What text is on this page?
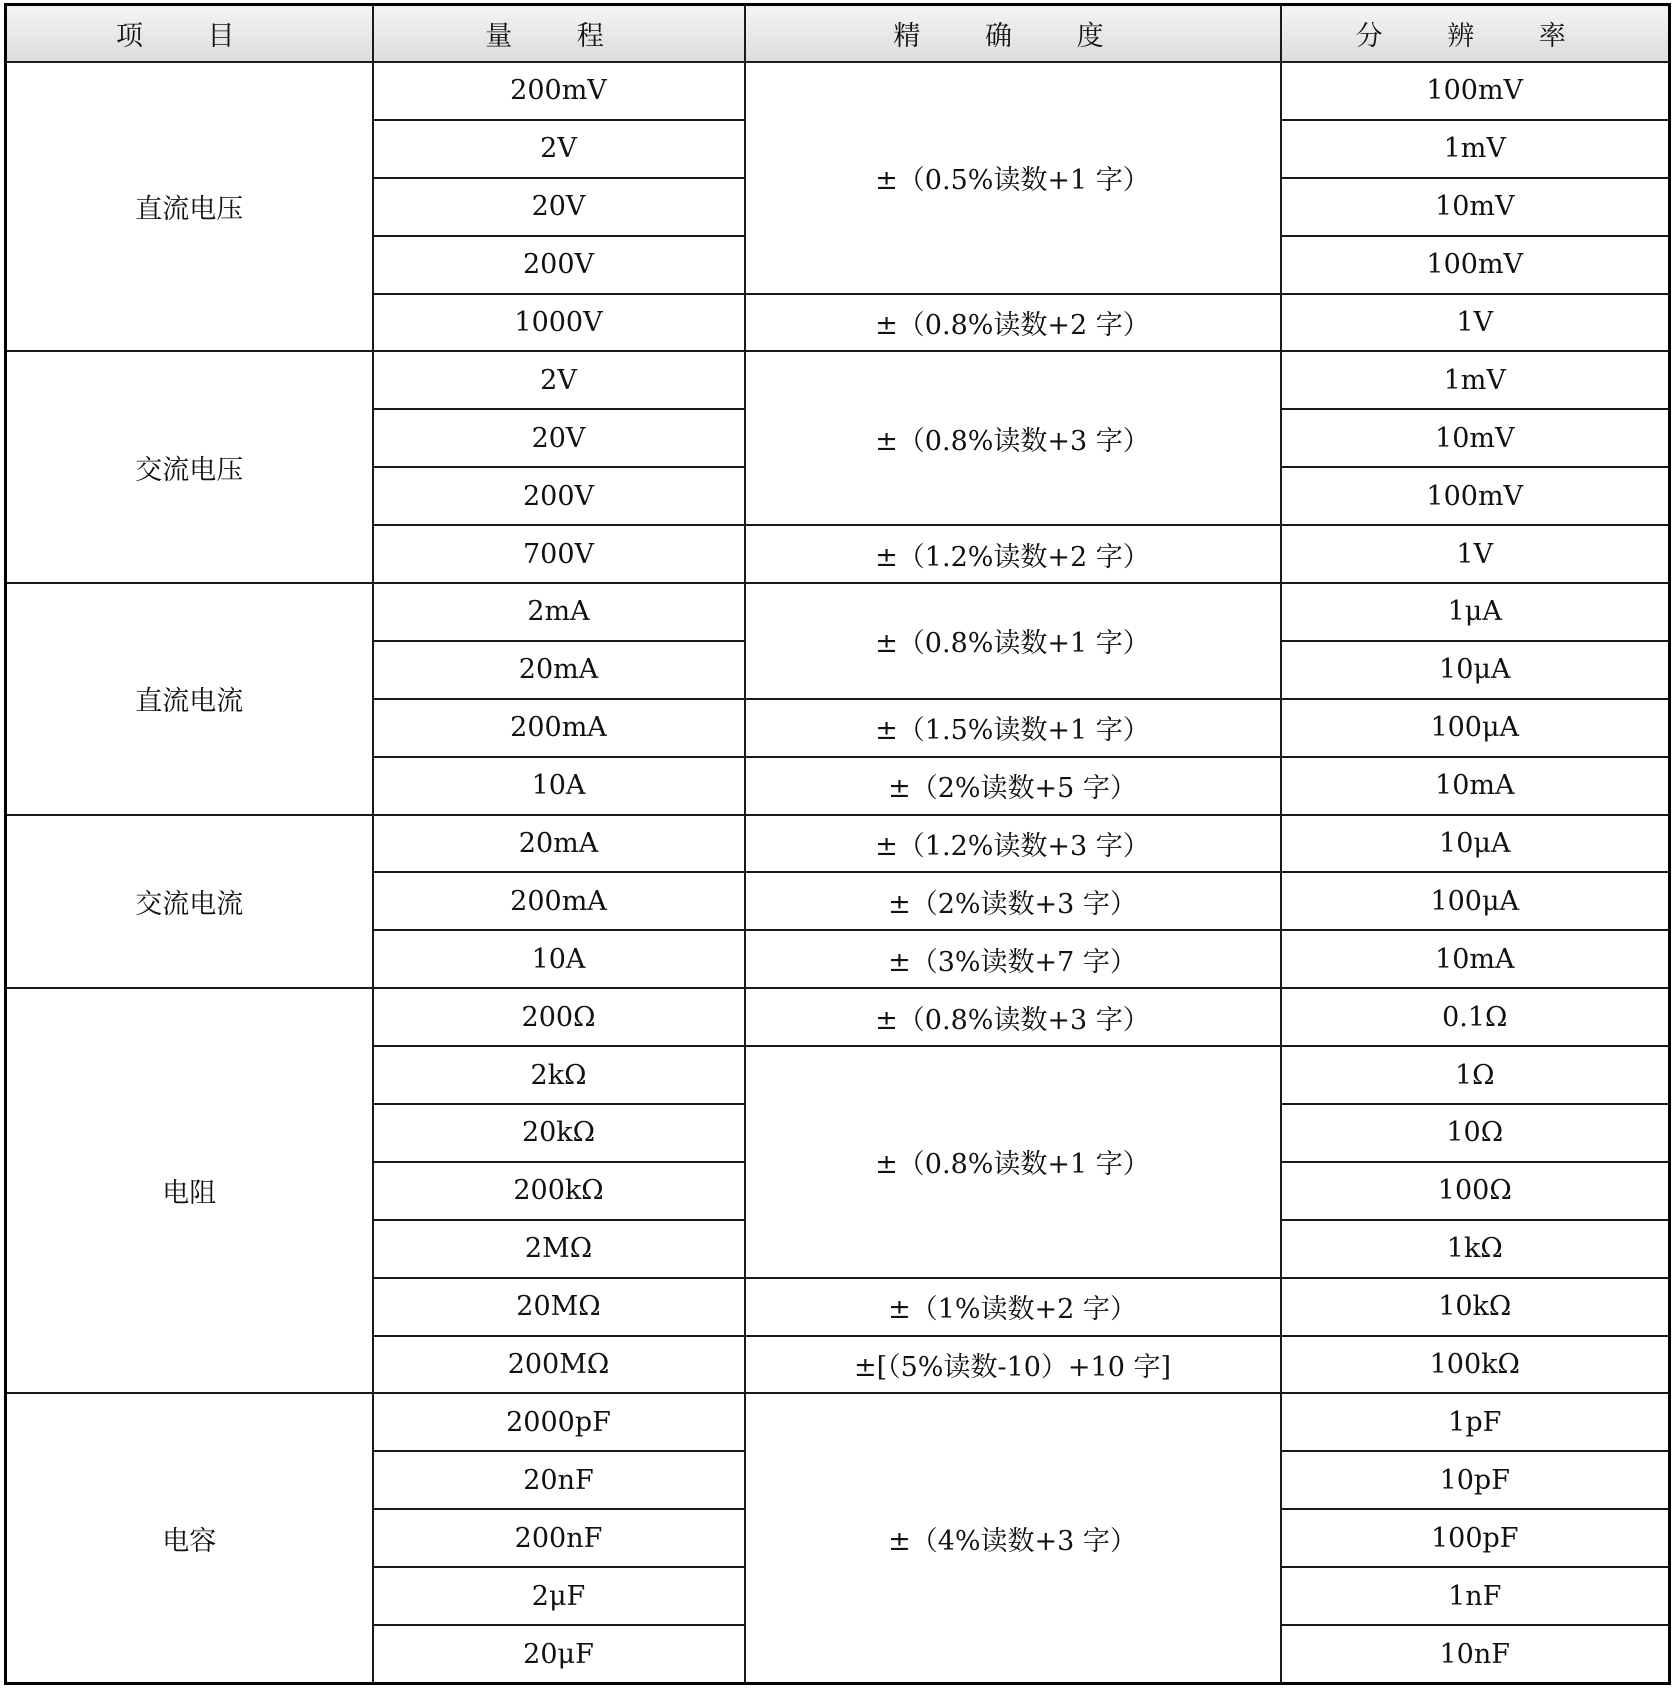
项 目	量 程	精 确 度	分 辨 率
直流电压	200mV	±（0.5%读数+1 字）	100mV
	2V		1mV
	20V		10mV
	200V		100mV
	1000V	±（0.8%读数+2 字）	1V
交流电压	2V	±（0.8%读数+3 字）	1mV
	20V		10mV
	200V		100mV
	700V	±（1.2%读数+2 字）	1V
直流电流	2mA	±（0.8%读数+1 字）	1μA
	20mA		10μA
	200mA	±（1.5%读数+1 字）	100μA
	10A	±（2%读数+5 字）	10mA
交流电流	20mA	±（1.2%读数+3 字）	10μA
	200mA	±（2%读数+3 字）	100μA
	10A	±（3%读数+7 字）	10mA
电阻	200Ω	±（0.8%读数+3 字）	0.1Ω
	2kΩ	±（0.8%读数+1 字）	1Ω
	20kΩ		10Ω
	200kΩ		100Ω
	2MΩ		1kΩ
	20MΩ	±（1%读数+2 字）	10kΩ
	200MΩ	±[（5%读数-10）+10 字]	100kΩ
电容	2000pF	±（4%读数+3 字）	1pF
	20nF		10pF
	200nF		100pF
	2μF		1nF
	20μF		10nF
